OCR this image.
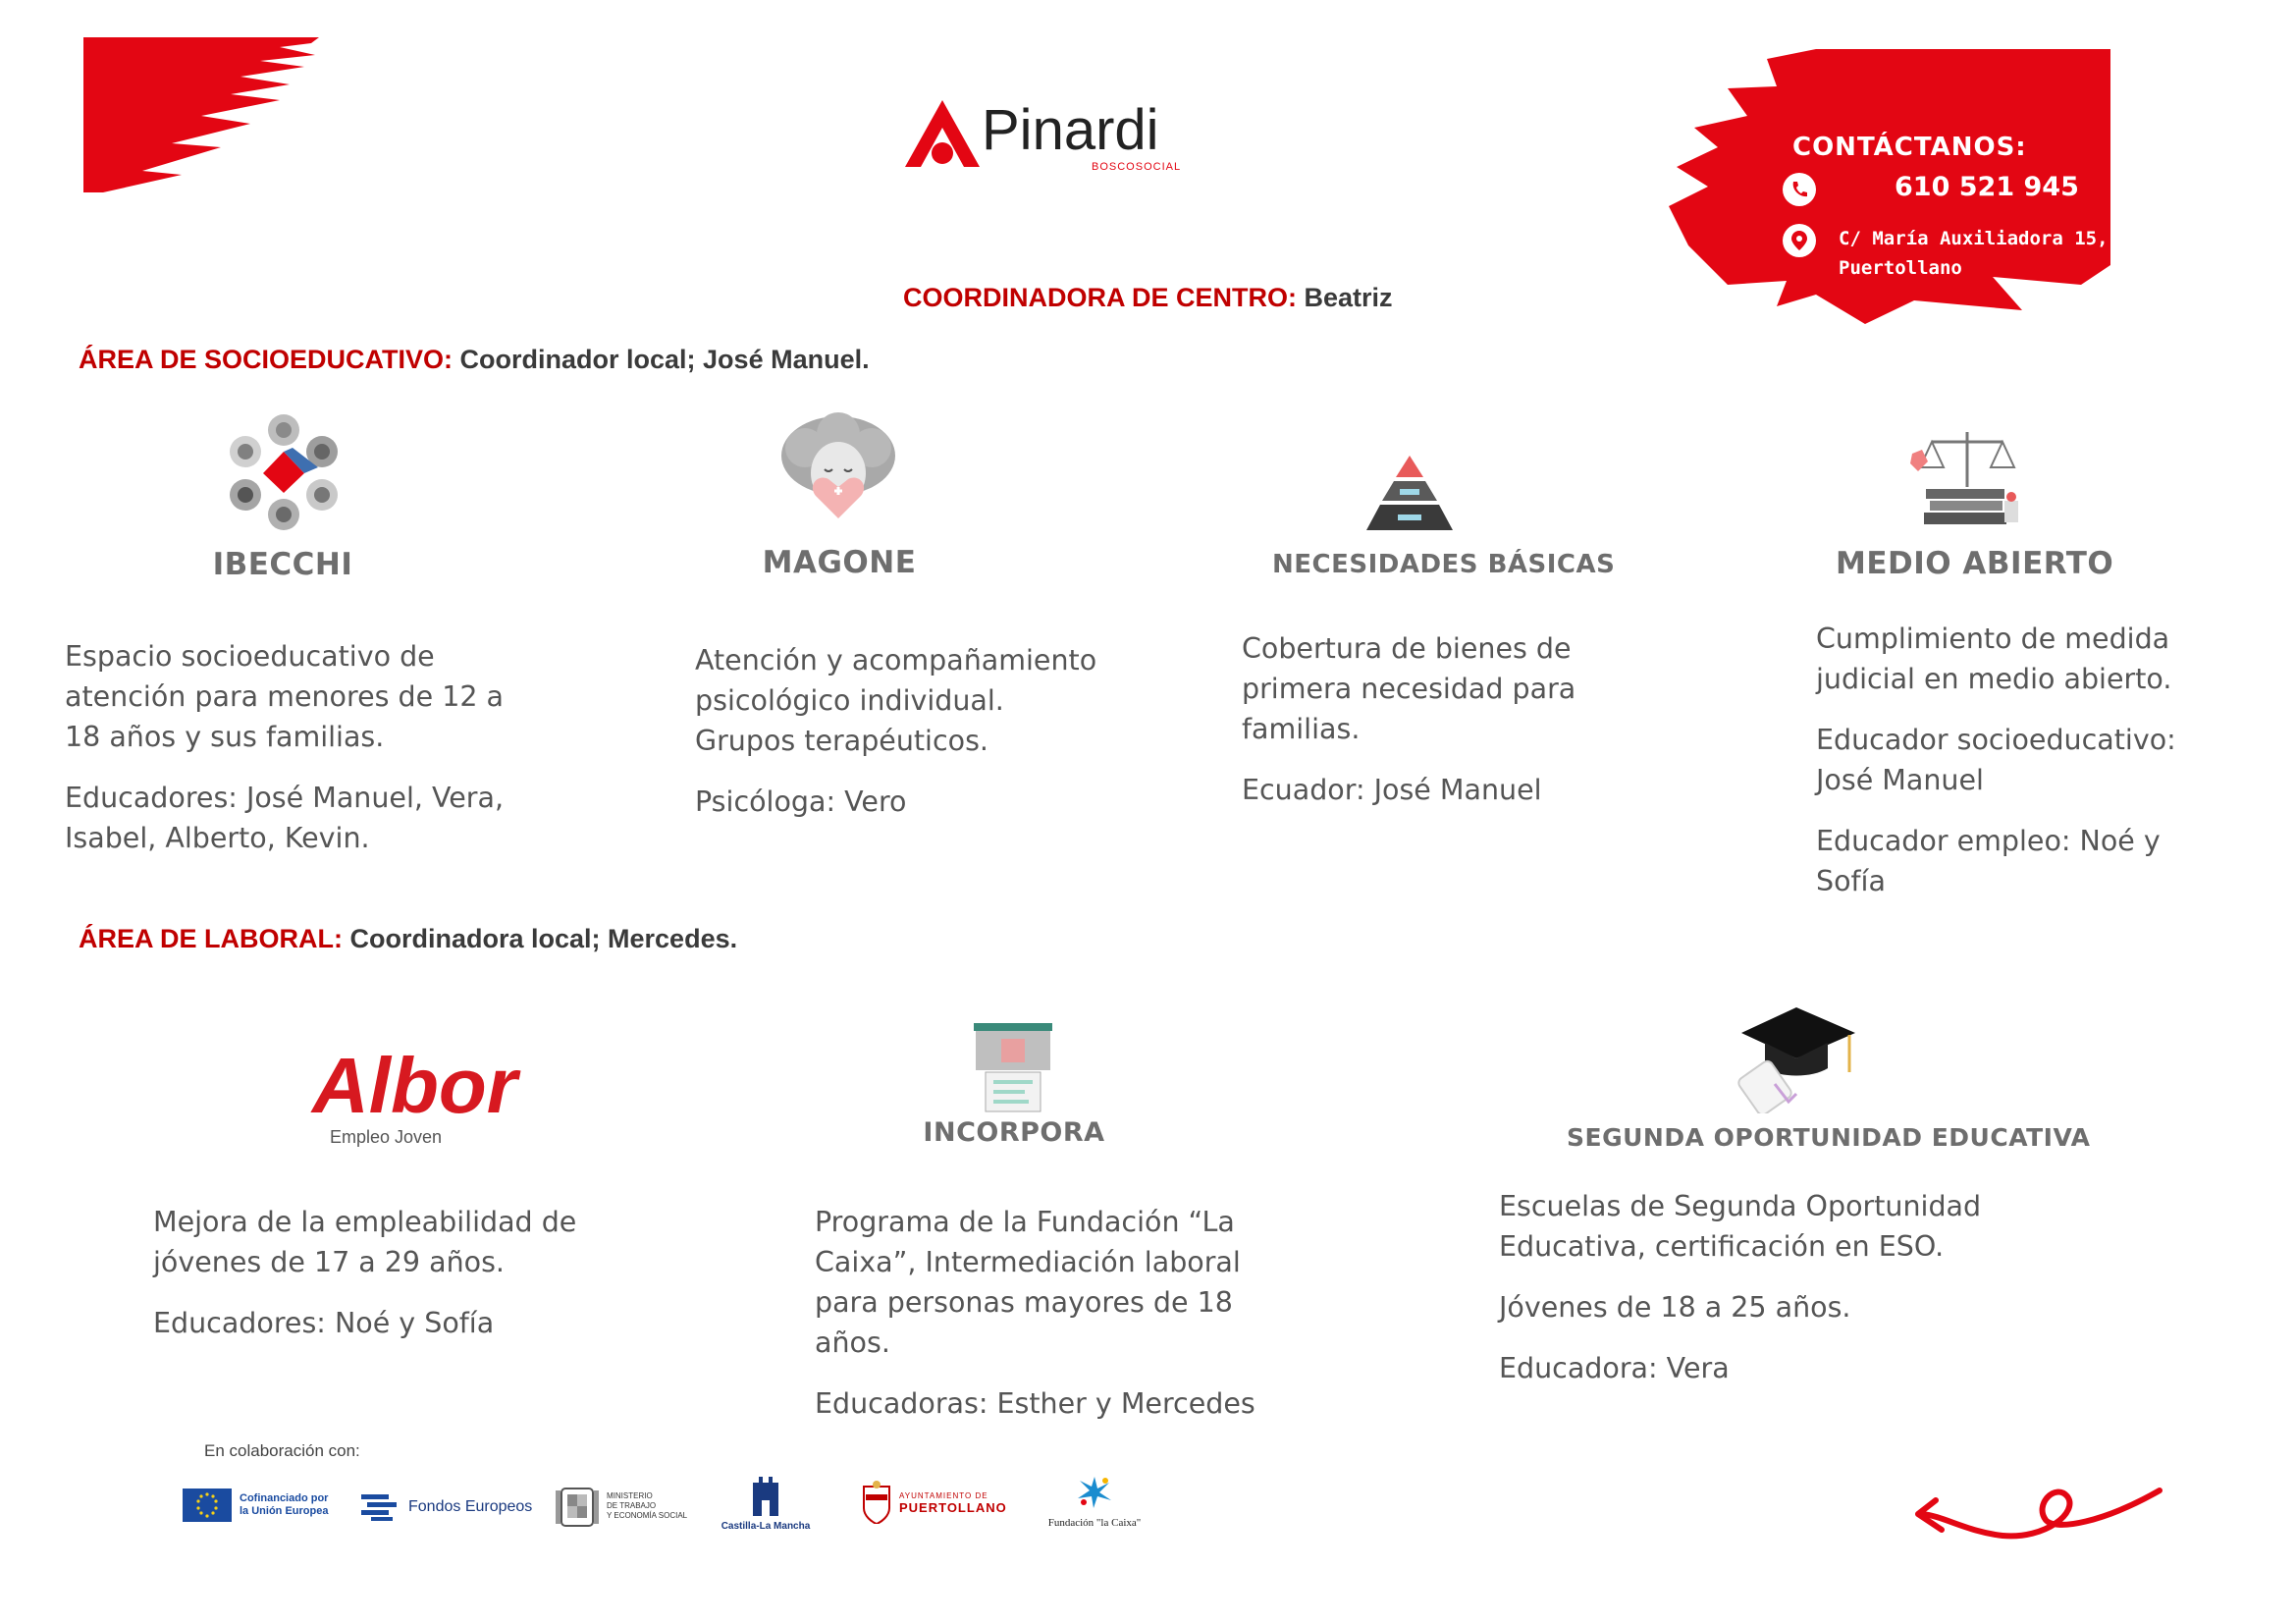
Pinardi
BOSCOSOCIAL
CONTÁCTANOS:
610 521 945
C/ María Auxiliadora 15,
Puertollano
COORDINADORA DE CENTRO: Beatriz
ÁREA DE SOCIOEDUCATIVO: Coordinador local; José Manuel.
IBECCHI

Espacio socioeducativo de atención para menores de 12 a 18 años y sus familias.

Educadores: José Manuel, Vera, Isabel, Alberto, Kevin.

MAGONE

Atención y acompañamiento psicológico individual. Grupos terapéuticos.

Psicóloga: Vero

NECESIDADES BÁSICAS

Cobertura de bienes de primera necesidad para familias.

Ecuador: José Manuel

MEDIO ABIERTO

Cumplimiento de medida judicial en medio abierto.

Educador socioeducativo: José Manuel

Educador empleo: Noé y Sofía

ÁREA DE LABORAL: Coordinadora local; Mercedes.
Albor
Empleo Joven

Mejora de la empleabilidad de jóvenes de 17 a 29 años.

Educadores: Noé y Sofía

INCORPORA

Programa de la Fundación “La Caixa”, Intermediación laboral para personas mayores de 18 años.

Educadoras: Esther y Mercedes

SEGUNDA OPORTUNIDAD EDUCATIVA

Escuelas de Segunda Oportunidad Educativa, certificación en ESO.

Jóvenes de 18 a 25 años.

Educadora: Vera

En colaboración con:
Cofinanciado por
la Unión Europea	Fondos Europeos
MINISTERIO
DE TRABAJO
Y ECONOMÍA SOCIAL
Castilla-La Mancha
AYUNTAMIENTO DE
PUERTOLLANO
Fundación "la Caixa"
